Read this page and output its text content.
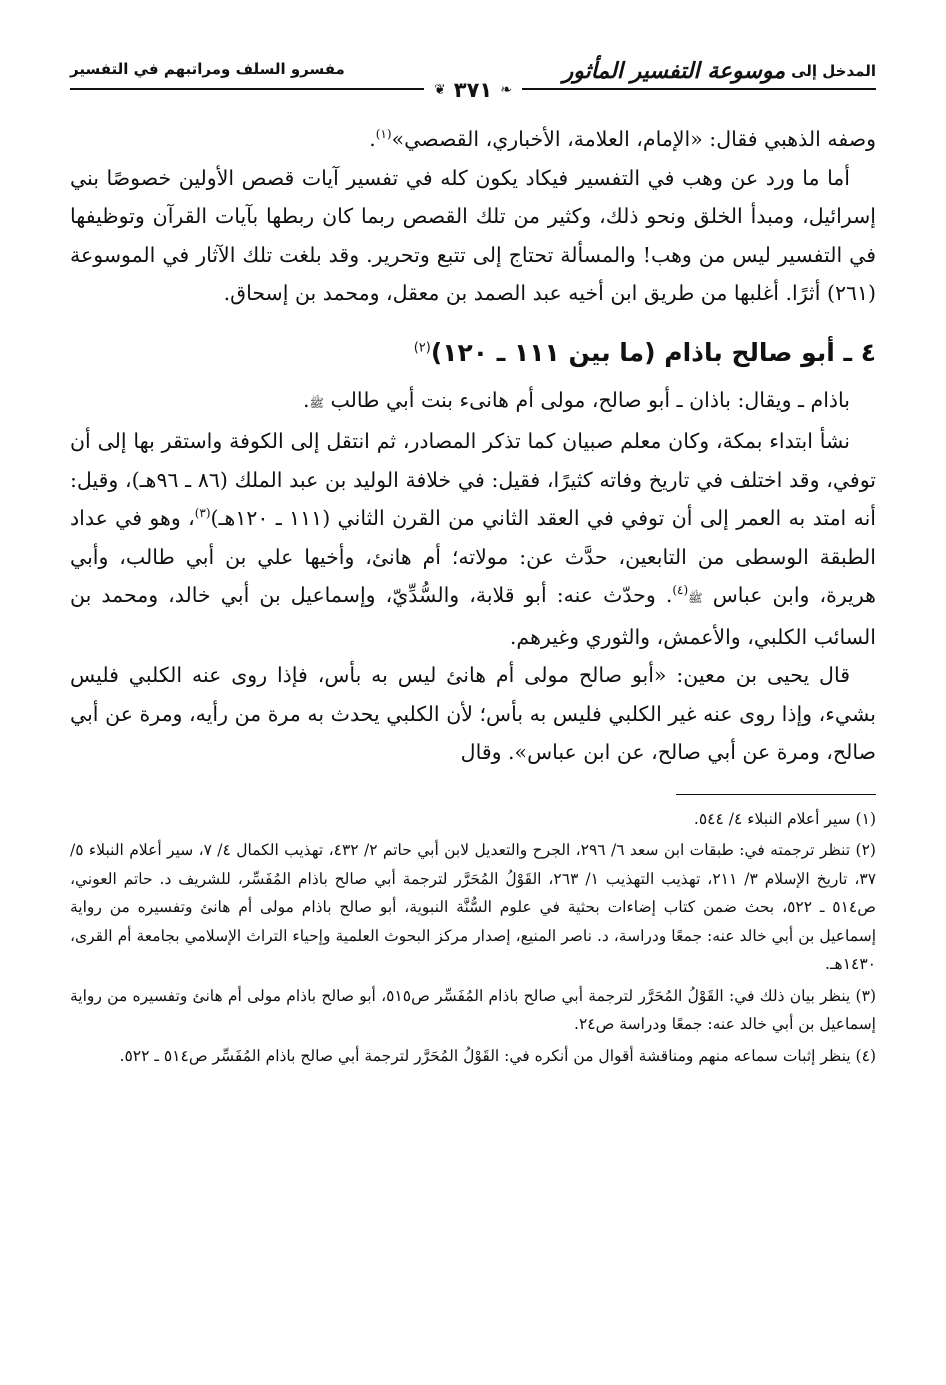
المدخل إلى
موسوعة التفسير المأثور
مفسرو السلف ومراتبهم في التفسير
❧
٣٧١
❦

وصفه الذهبي فقال: «الإمام، العلامة، الأخباري، القصصي»$^{(١)}$.

أما ما ورد عن وهب في التفسير فيكاد يكون كله في تفسير آيات قصص الأولين خصوصًا بني إسرائيل، ومبدأ الخلق ونحو ذلك، وكثير من تلك القصص ربما كان ربطها بآيات القرآن وتوظيفها في التفسير ليس من وهب! والمسألة تحتاج إلى تتبع وتحرير. وقد بلغت تلك الآثار في الموسوعة (٢٦١) أثرًا. أغلبها من طريق ابن أخيه عبد الصمد بن معقل، ومحمد بن إسحاق.

٤ ـ أبو صالح باذام (ما بين ١١١ ـ ١٢٠)$^{(٢)}$

باذام ـ ويقال: باذان ـ أبو صالح، مولى أم هانىء بنت أبي طالب ﷺ.

نشأ ابتداء بمكة، وكان معلم صبيان كما تذكر المصادر، ثم انتقل إلى الكوفة واستقر بها إلى أن توفي، وقد اختلف في تاريخ وفاته كثيرًا، فقيل: في خلافة الوليد بن عبد الملك (٨٦ ـ ٩٦هـ)، وقيل: أنه امتد به العمر إلى أن توفي في العقد الثاني من القرن الثاني (١١١ ـ ١٢٠هـ)$^{(٣)}$، وهو في عداد الطبقة الوسطى من التابعين، حدَّث عن: مولاته؛ أم هانئ، وأخيها علي بن أبي طالب، وأبي هريرة، وابن عباس ﷺ$^{(٤)}$. وحدّث عنه: أبو قلابة، والسُّدِّيّ، وإسماعيل بن أبي خالد، ومحمد بن السائب الكلبي، والأعمش، والثوري وغيرهم.

قال يحيى بن معين: «أبو صالح مولى أم هانئ ليس به بأس، فإذا روى عنه الكلبي فليس بشيء، وإذا روى عنه غير الكلبي فليس به بأس؛ لأن الكلبي يحدث به مرة من رأيه، ومرة عن أبي صالح، ومرة عن أبي صالح، عن ابن عباس». وقال

(١) سير أعلام النبلاء ٤/ ٥٤٤.

(٢) تنظر ترجمته في: طبقات ابن سعد ٦/ ٢٩٦، الجرح والتعديل لابن أبي حاتم ٢/ ٤٣٢، تهذيب الكمال ٤/ ٧، سير أعلام النبلاء ٥/ ٣٧، تاريخ الإسلام ٣/ ٢١١، تهذيب التهذيب ١/ ٢٦٣، القَوْلُ المُحَرَّر لترجمة أبي صالح باذام المُفَسِّر، للشريف د. حاتم العوني، ص٥١٤ ـ ٥٢٢، بحث ضمن كتاب إضاءات بحثية في علوم السُّنَّة النبوية، أبو صالح باذام مولى أم هانئ وتفسيره من رواية إسماعيل بن أبي خالد عنه: جمعًا ودراسة، د. ناصر المنيع، إصدار مركز البحوث العلمية وإحياء التراث الإسلامي بجامعة أم القرى، ١٤٣٠هـ.

(٣) ينظر بيان ذلك في: القَوْلُ المُحَرَّر لترجمة أبي صالح باذام المُفَسِّر ص٥١٥، أبو صالح باذام مولى أم هانئ وتفسيره من رواية إسماعيل بن أبي خالد عنه: جمعًا ودراسة ص٢٤.

(٤) ينظر إثبات سماعه منهم ومناقشة أقوال من أنكره في: القَوْلُ المُحَرَّر لترجمة أبي صالح باذام المُفَسِّر ص٥١٤ ـ ٥٢٢.
